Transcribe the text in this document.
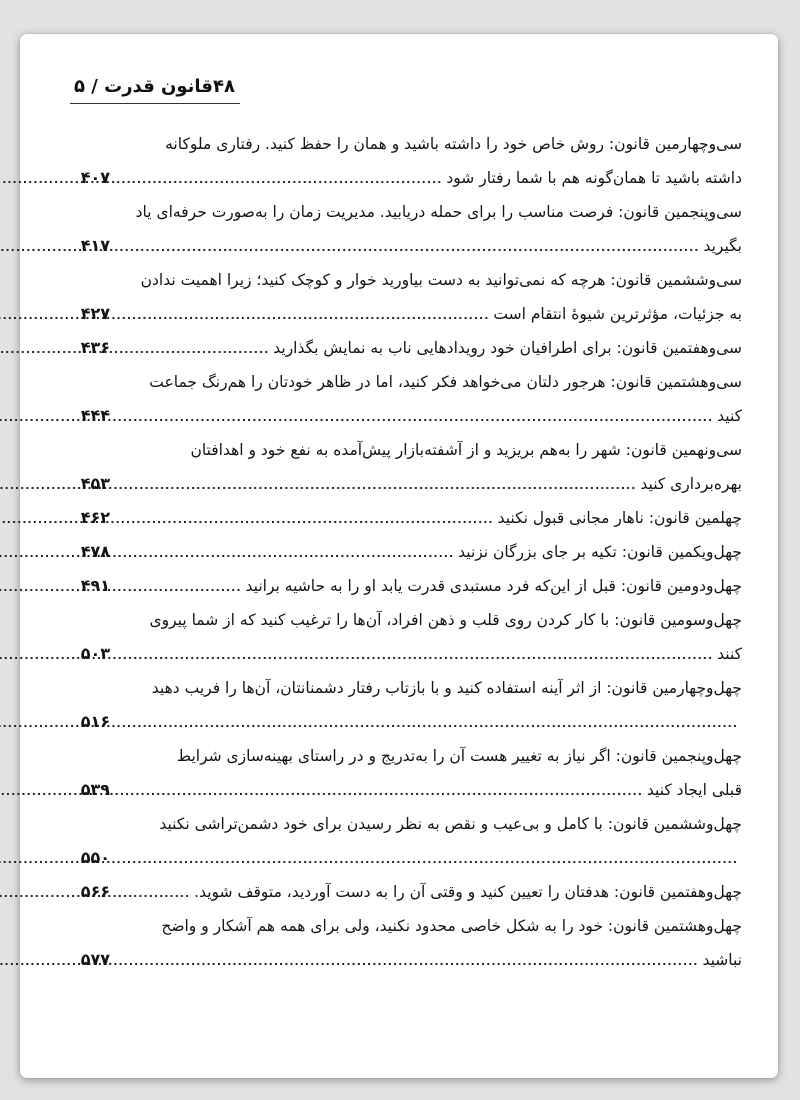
۴۸قانون قدرت / ۵
سی‌وچهارمین قانون: روش خاص خود را داشته باشید و همان را حفظ کنید. رفتاری ملوکانه
داشته باشید تا همان‌گونه هم با شما رفتار شود
.....
۴۰۷
سی‌وپنجمین قانون: فرصت مناسب را برای حمله دریابید. مدیریت زمان را به‌صورت حرفه‌ای یاد
بگیرید
.....
۴۱۷
سی‌وششمین قانون: هرچه که نمی‌توانید به دست بیاورید خوار و کوچک کنید؛ زیرا اهمیت ندادن
به جزئیات، مؤثرترین شیوهٔ انتقام است
.....
۴۲۷
سی‌وهفتمین قانون: برای اطرافیان خود رویدادهایی ناب به نمایش بگذارید
.....
۴۳۶
سی‌وهشتمین قانون: هرجور دلتان می‌خواهد فکر کنید، اما در ظاهر خودتان را هم‌رنگ جماعت
کنید
.....
۴۴۴
سی‌ونهمین قانون: شهر را به‌هم بریزید و از آشفته‌بازار پیش‌آمده به نفع خود و اهدافتان
بهره‌برداری کنید
.....
۴۵۳
چهلمین قانون: ناهار مجانی قبول نکنید
.....
۴۶۲
چهل‌ویکمین قانون: تکیه بر جای بزرگان نزنید
.....
۴۷۸
چهل‌ودومین قانون: قبل از این‌که فرد مستبدی قدرت یابد او را به حاشیه برانید
.....
۴۹۱
چهل‌وسومین قانون: با کار کردن روی قلب و ذهن افراد، آن‌ها را ترغیب کنید که از شما پیروی
کنند
.....
۵۰۳
چهل‌وچهارمین قانون: از اثر آینه استفاده کنید و با بازتاب رفتار دشمنانتان، آن‌ها را فریب دهید
.....
۵۱۶
چهل‌وپنجمین قانون: اگر نیاز به تغییر هست آن را به‌تدریج و در راستای بهینه‌سازی شرایط
قبلی ایجاد کنید
.....
۵۳۹
چهل‌وششمین قانون: با کامل و بی‌عیب و نقص به نظر رسیدن برای خود دشمن‌تراشی نکنید
.....
۵۵۰
چهل‌وهفتمین قانون: هدفتان را تعیین کنید و وقتی آن را به دست آوردید، متوقف شوید.
.....
۵۶۶
چهل‌وهشتمین قانون: خود را به شکل خاصی محدود نکنید، ولی برای همه هم آشکار و واضح
نباشید
.....
۵۷۷
